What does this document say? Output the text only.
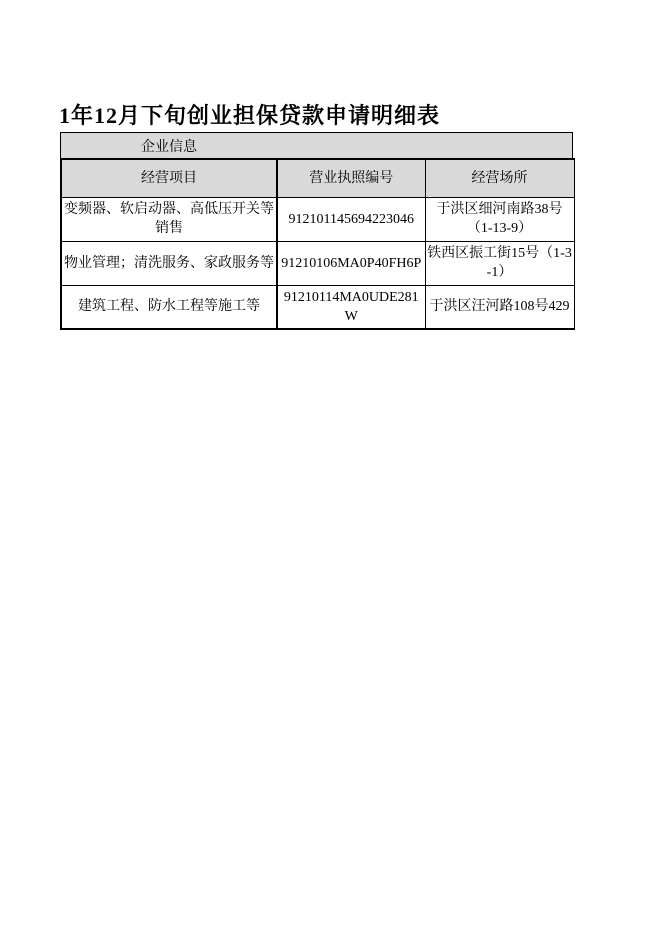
1年12月下旬创业担保贷款申请明细表
企业信息
经营项目	营业执照编号	经营场所
变频器、软启动器、高低压开关等销售	912101145694223046	于洪区细河南路38号（1-13-9）
物业管理；清洗服务、家政服务等	91210106MA0P40FH6P	铁西区振工街15号（1-3-1）
建筑工程、防水工程等施工等	91210114MA0UDE281W	于洪区汪河路108号429
